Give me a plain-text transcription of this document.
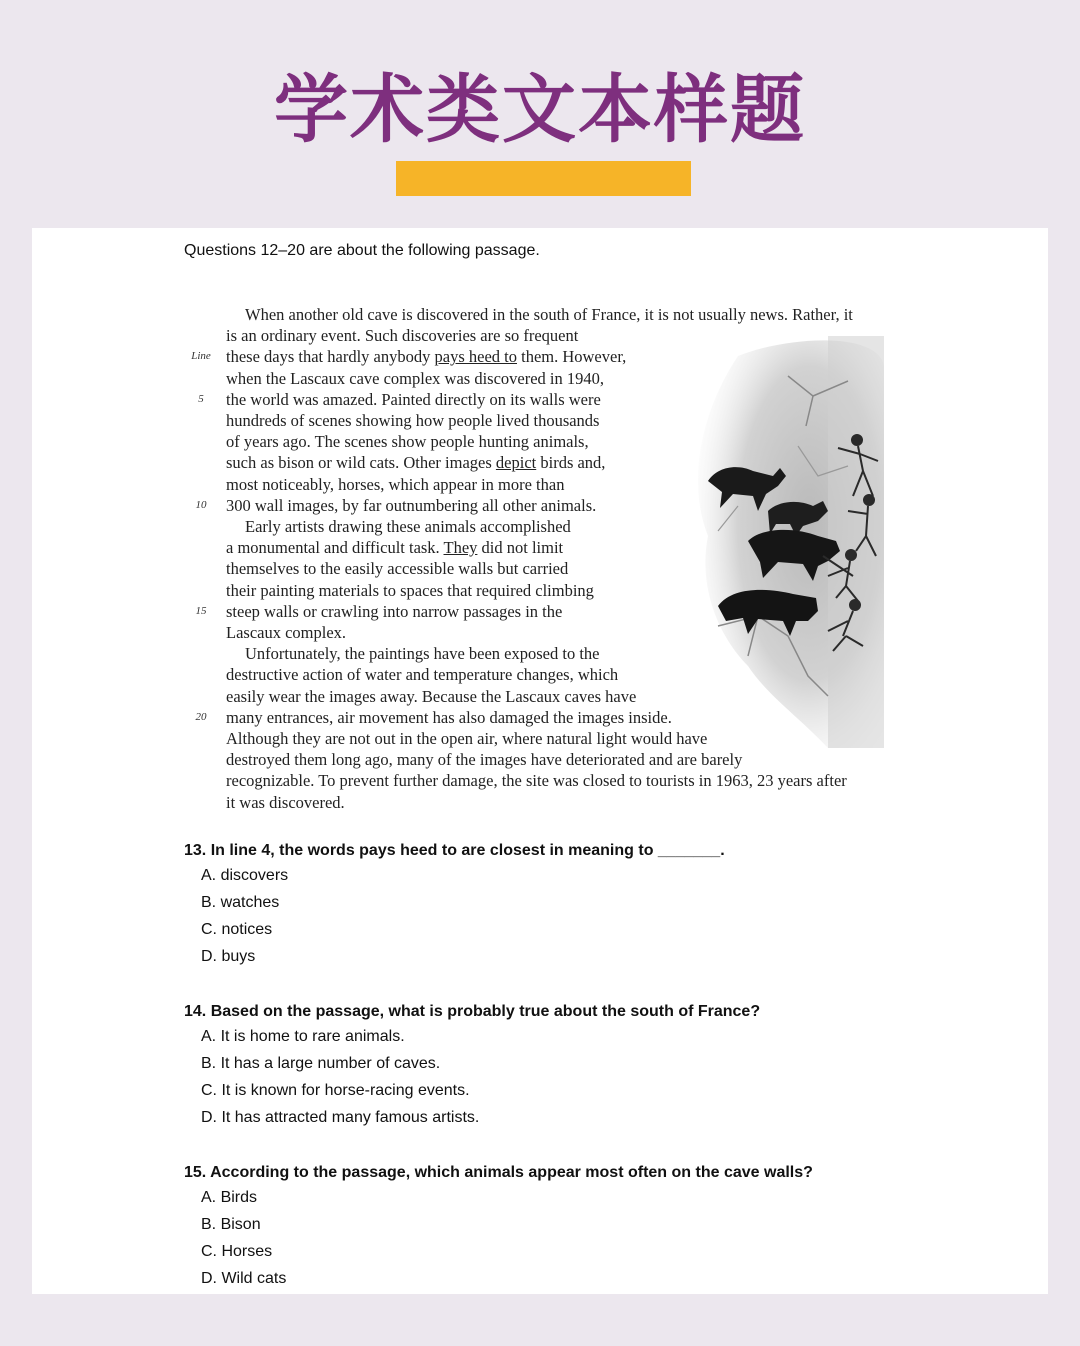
学术类文本样题
Questions 12–20 are about the following passage.
When another old cave is discovered in the south of France, it is not usually news. Rather, it
is an ordinary event. Such discoveries are so frequent
these days that hardly anybody pays heed to them. However,
Line
when the Lascaux cave complex was discovered in 1940,
the world was amazed. Painted directly on its walls were
5
hundreds of scenes showing how people lived thousands
of years ago. The scenes show people hunting animals,
such as bison or wild cats. Other images depict birds and,
most noticeably, horses, which appear in more than
300 wall images, by far outnumbering all other animals.
10
Early artists drawing these animals accomplished
a monumental and difficult task. They did not limit
themselves to the easily accessible walls but carried
their painting materials to spaces that required climbing
steep walls or crawling into narrow passages in the
15
Lascaux complex.
Unfortunately, the paintings have been exposed to the
destructive action of water and temperature changes, which
easily wear the images away. Because the Lascaux caves have
many entrances, air movement has also damaged the images inside.
20
Although they are not out in the open air, where natural light would have
destroyed them long ago, many of the images have deteriorated and are barely
recognizable. To prevent further damage, the site was closed to tourists in 1963, 23 years after
it was discovered.
13. In line 4, the words pays heed to are closest in meaning to _______.
A. discovers
B. watches
C. notices
D. buys
14. Based on the passage, what is probably true about the south of France?
A. It is home to rare animals.
B. It has a large number of caves.
C. It is known for horse-racing events.
D. It has attracted many famous artists.
15. According to the passage, which animals appear most often on the cave walls?
A. Birds
B. Bison
C. Horses
D. Wild cats
